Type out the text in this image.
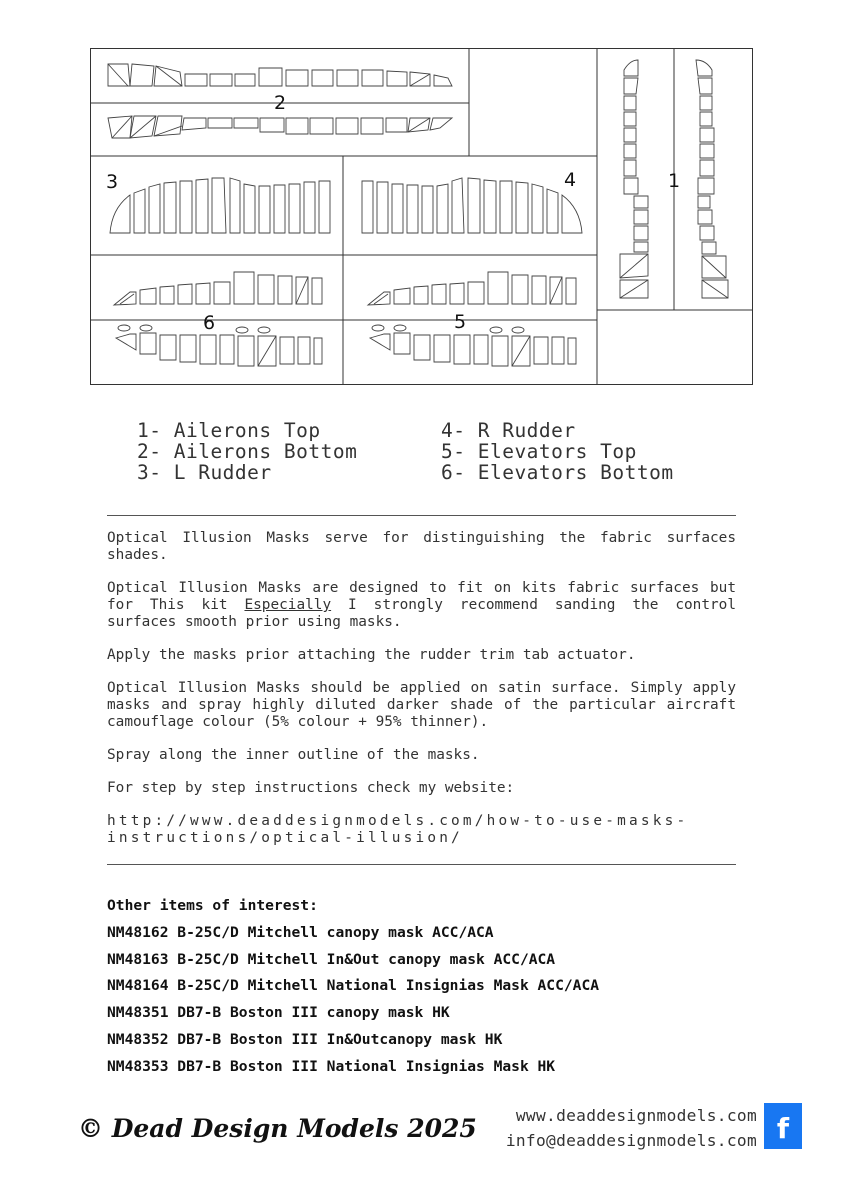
2
3	4	1
6	5
1- Ailerons Top
2- Ailerons Bottom
3- L Rudder
4- R Rudder
5- Elevators Top
6- Elevators Bottom

Optical Illusion Masks serve for distinguishing the fabric surfaces shades.

Optical Illusion Masks are designed to fit on kits fabric surfaces but for This kit Especially I strongly recommend sanding the control surfaces smooth prior using masks.

Apply the masks prior attaching the rudder trim tab actuator.

Optical Illusion Masks should be applied on satin surface. Simply apply masks and spray highly diluted darker shade of the particular aircraft camouflage colour (5% colour + 95% thinner).

Spray along the inner outline of the masks.

For step by step instructions check my website:

http://www.deaddesignmodels.com/how-to-use-masks-instructions/optical-illusion/

Other items of interest:
NM48162 B-25C/D Mitchell canopy mask ACC/ACA
NM48163 B-25C/D Mitchell In&Out canopy mask ACC/ACA
NM48164 B-25C/D Mitchell National Insignias Mask ACC/ACA
NM48351 DB7-B Boston III canopy mask HK
NM48352 DB7-B Boston III In&Outcanopy mask HK
NM48353 DB7-B Boston III National Insignias Mask HK
© Dead Design Models 2025	www.deaddesignmodels.com
info@deaddesignmodels.com f
